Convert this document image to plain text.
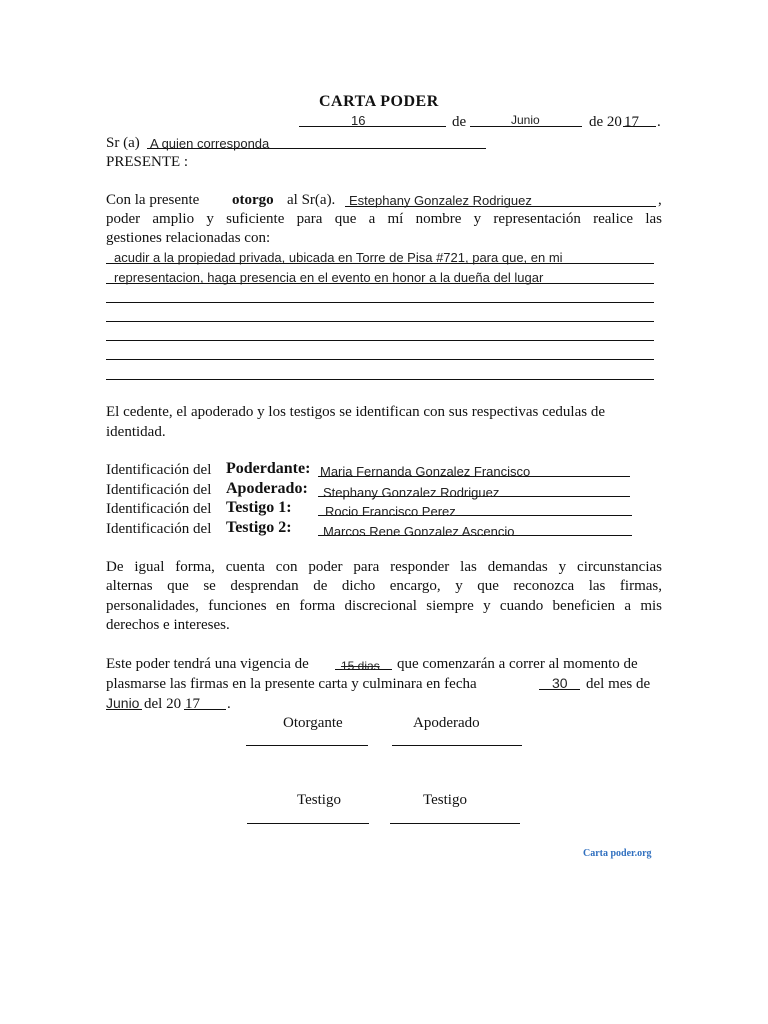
CARTA PODER
16	de	Junio	de 20 17 .
Sr (a) A quien corresponda
PRESENTE :
Con la presente otorgo al Sr(a). Estephany Gonzalez Rodriguez	,
poder amplio y suficiente para que a mí nombre y representación realice las
gestiones relacionadas con:
acudir a la propiedad privada, ubicada en Torre de Pisa #721, para que, en mi
representacion, haga presencia en el evento en honor a la dueña del lugar
El cedente, el apoderado y los testigos se identifican con sus respectivas cedulas de
identidad.
Identificación del Poderdante: Maria Fernanda Gonzalez Francisco
Identificación del Apoderado: Stephany Gonzalez Rodriguez
Identificación del Testigo 1:	Rocio Francisco Perez
Identificación del Testigo 2: Marcos Rene Gonzalez Ascencio
De igual forma, cuenta con poder para responder las demandas y circunstancias
alternas que se desprendan de dicho encargo, y que reconozca las firmas,
personalidades, funciones en forma discrecional siempre y cuando beneficien a mis
derechos e intereses.
Este poder tendrá una vigencia de	15 dias que comenzarán a correr al momento de
plasmarse las firmas en la presente carta y culminara en fecha	30 del mes de
Junio del 20 17 .
Otorgante	Apoderado
Testigo	Testigo
Carta poder.org
